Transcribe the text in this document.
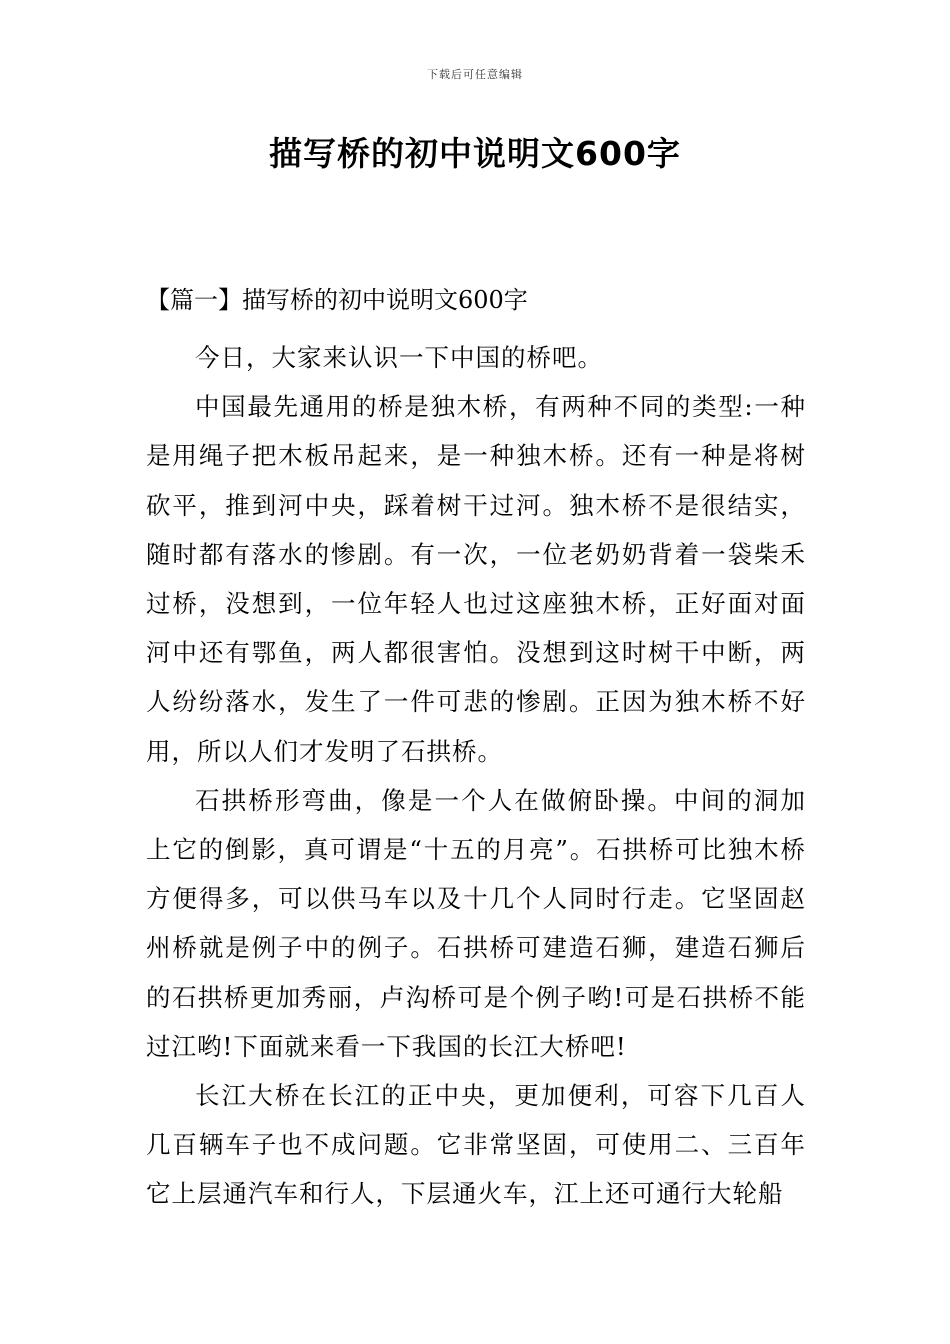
下载后可任意编辑
描写桥的初中说明文600字
【篇一】描写桥的初中说明文600字

今日，大家来认识一下中国的桥吧。

中国最先通用的桥是独木桥，有两种不同的类型:一种是用绳子把木板吊起来，是一种独木桥。还有一种是将树砍平，推到河中央，踩着树干过河。独木桥不是很结实，随时都有落水的惨剧。有一次，一位老奶奶背着一袋柴禾过桥，没想到，一位年轻人也过这座独木桥，正好面对面河中还有鄂鱼，两人都很害怕。没想到这时树干中断，两人纷纷落水，发生了一件可悲的惨剧。正因为独木桥不好用，所以人们才发明了石拱桥。

石拱桥形弯曲，像是一个人在做俯卧操。中间的洞加上它的倒影，真可谓是“十五的月亮”。石拱桥可比独木桥方便得多，可以供马车以及十几个人同时行走。它坚固赵州桥就是例子中的例子。石拱桥可建造石狮，建造石狮后的石拱桥更加秀丽，卢沟桥可是个例子哟!可是石拱桥不能过江哟!下面就来看一下我国的长江大桥吧!

长江大桥在长江的正中央，更加便利，可容下几百人几百辆车子也不成问题。它非常坚固，可使用二、三百年它上层通汽车和行人，下层通火车，江上还可通行大轮船
